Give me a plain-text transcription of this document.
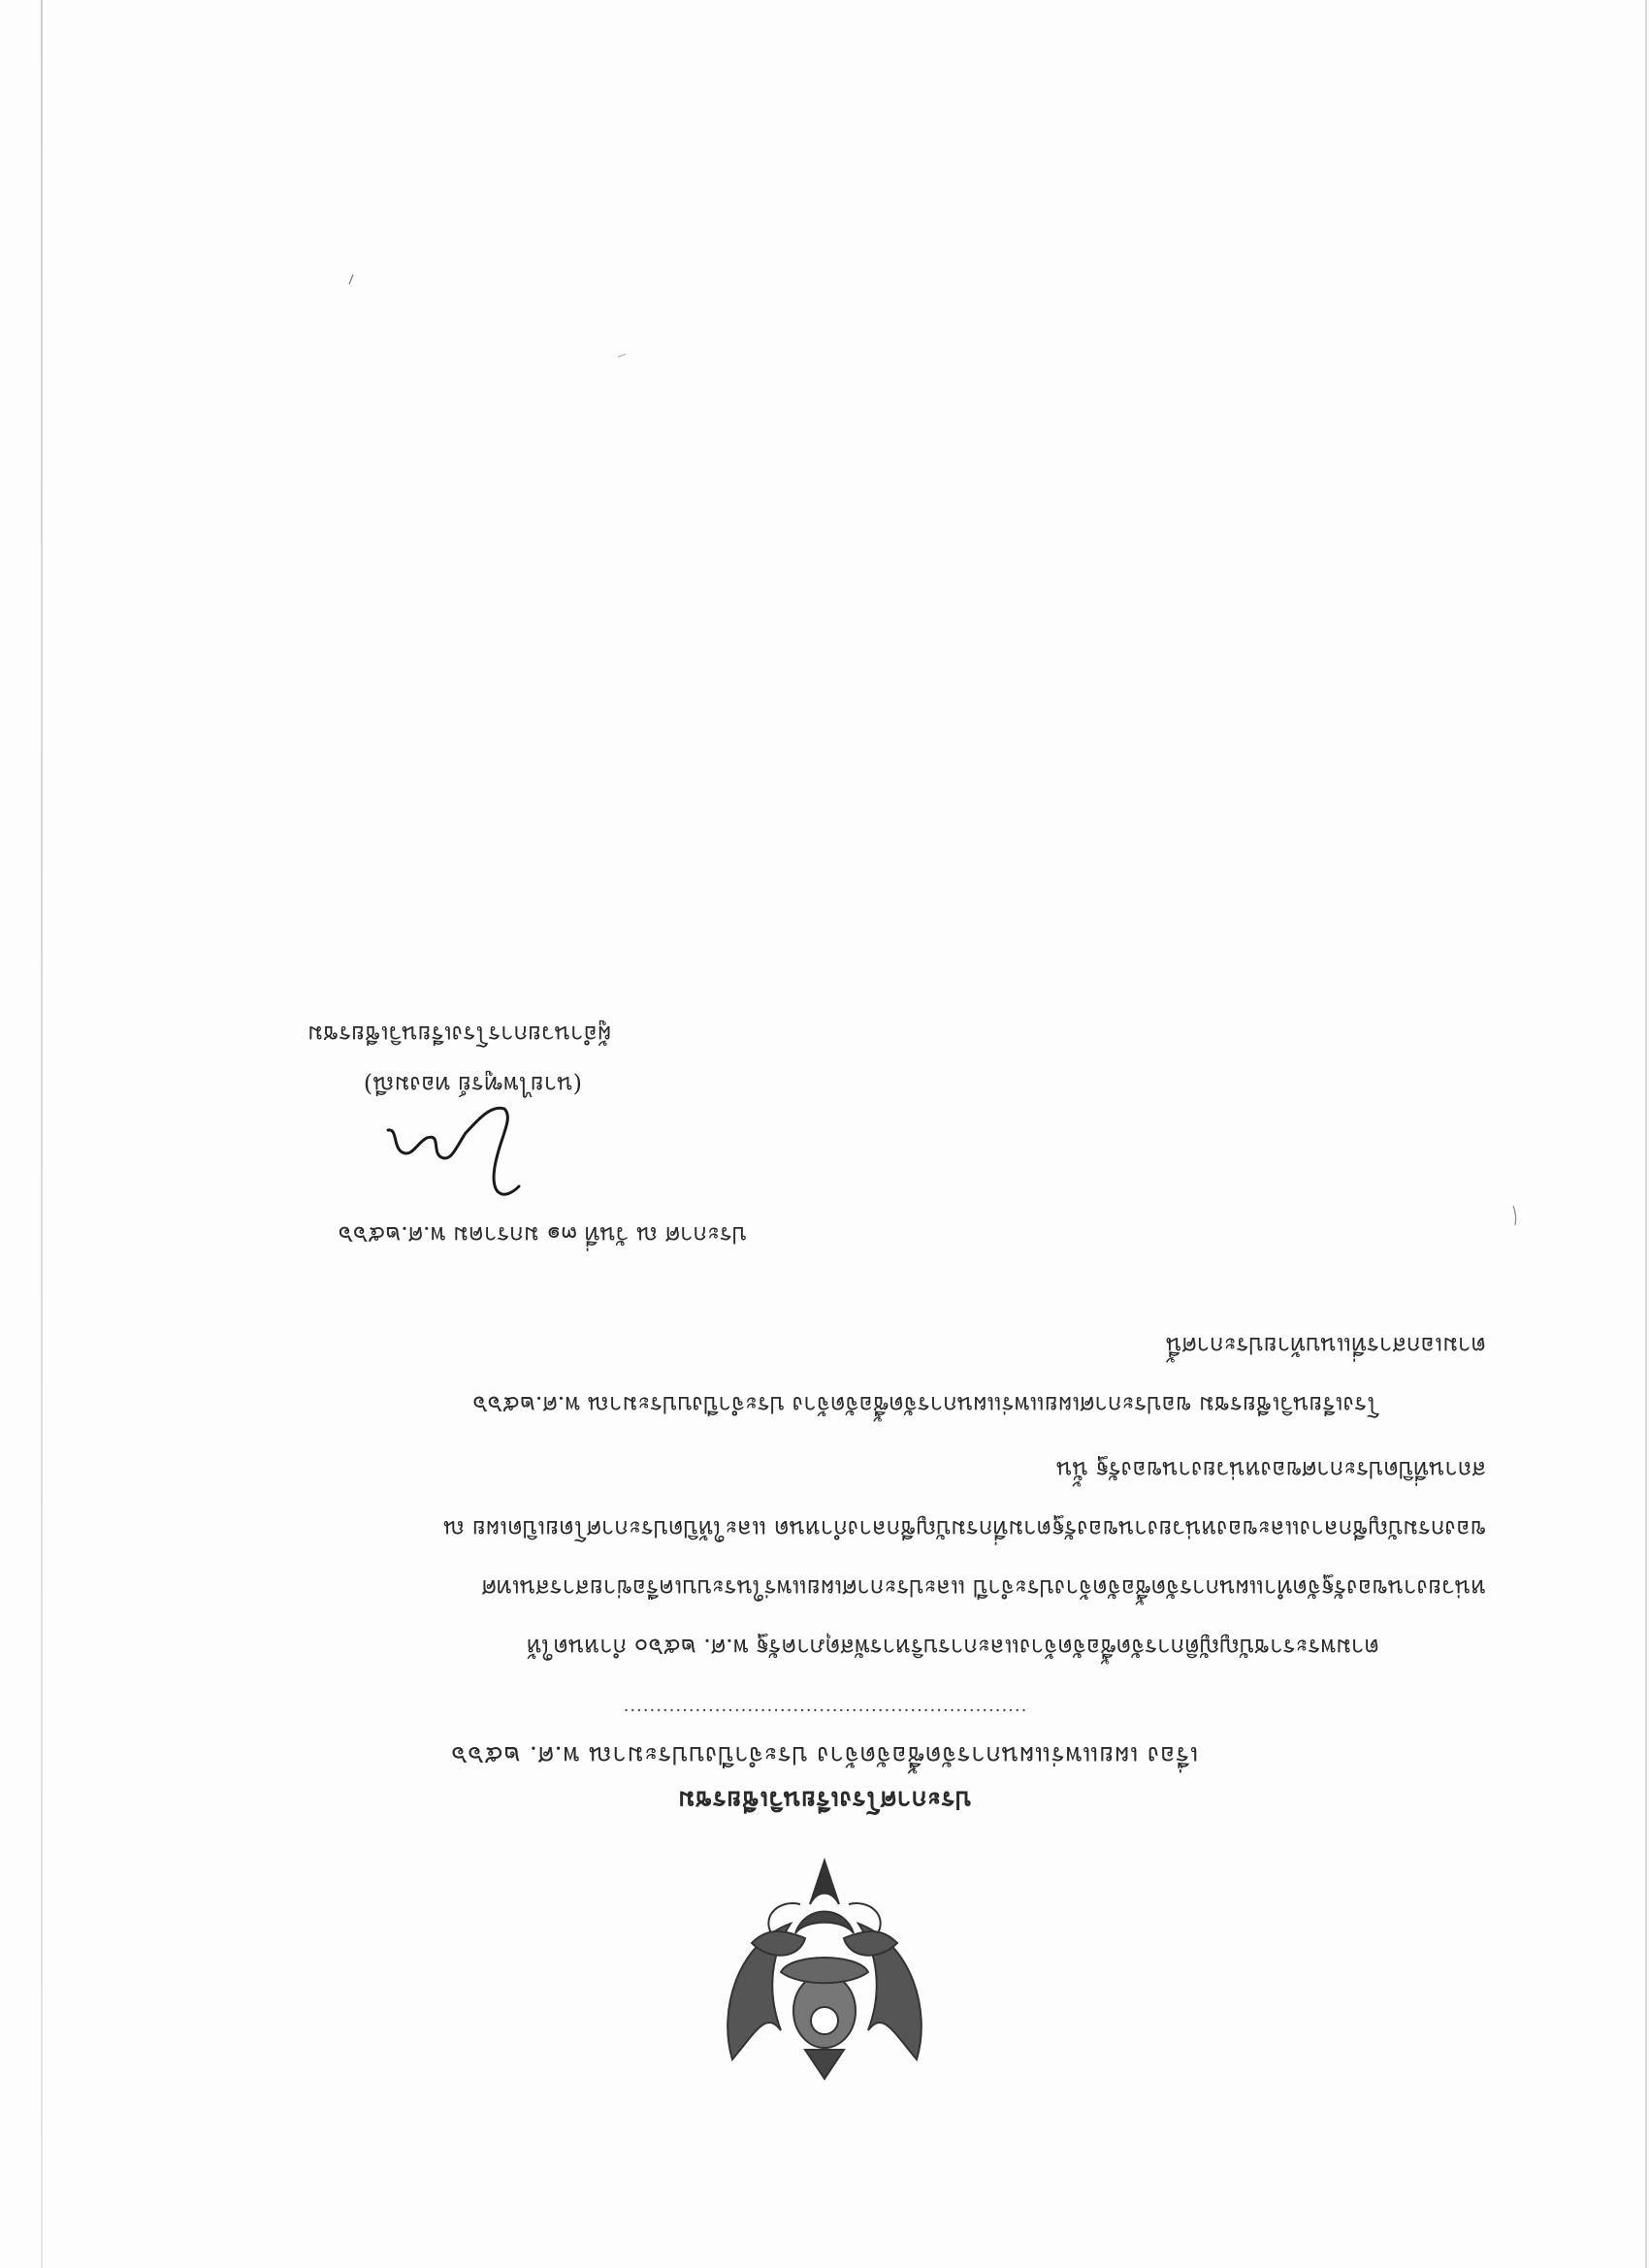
ประกาศโรงเรียนวิเชียรชม
เรื่อง เผยแพร่แผนการจัดซื้อจัดจ้าง ประจำปีงบประมาณ พ.ศ. ๒๕๖๖
..............................................................
ตามพระราชบัญญัติการจัดซื้อจัดจ้างและการบริหารพัสดุภาครัฐ พ.ศ. ๒๕๖๐ กำหนดให้
หน่วยงานของรัฐจัดทำแผนการจัดซื้อจัดจ้างประจำปี และประกาศเผยแพร่ในระบบเครือข่ายสารสนเทศ
ของกรมบัญชีกลางและของหน่วยงานของรัฐตามที่กรมบัญชีกลางกำหนด และให้ปิดประกาศโดยเปิดเผย ณ
สถานที่ปิดประกาศของหน่วยงานของรัฐ นั้น
โรงเรียนวิเชียรชม ขอประกาศเผยแพร่แผนการจัดซื้อจัดจ้าง ประจำปีงบประมาณ พ.ศ.๒๕๖๖
ตามเอกสารที่แนบท้ายประกาศนี้
ประกาศ ณ วันที่ ๓๑ มกราคม พ.ศ.๒๕๖๖
(นายไพฑูรย์ ทองมณี)
ผู้อำนวยการโรงเรียนวิเชียรชม
